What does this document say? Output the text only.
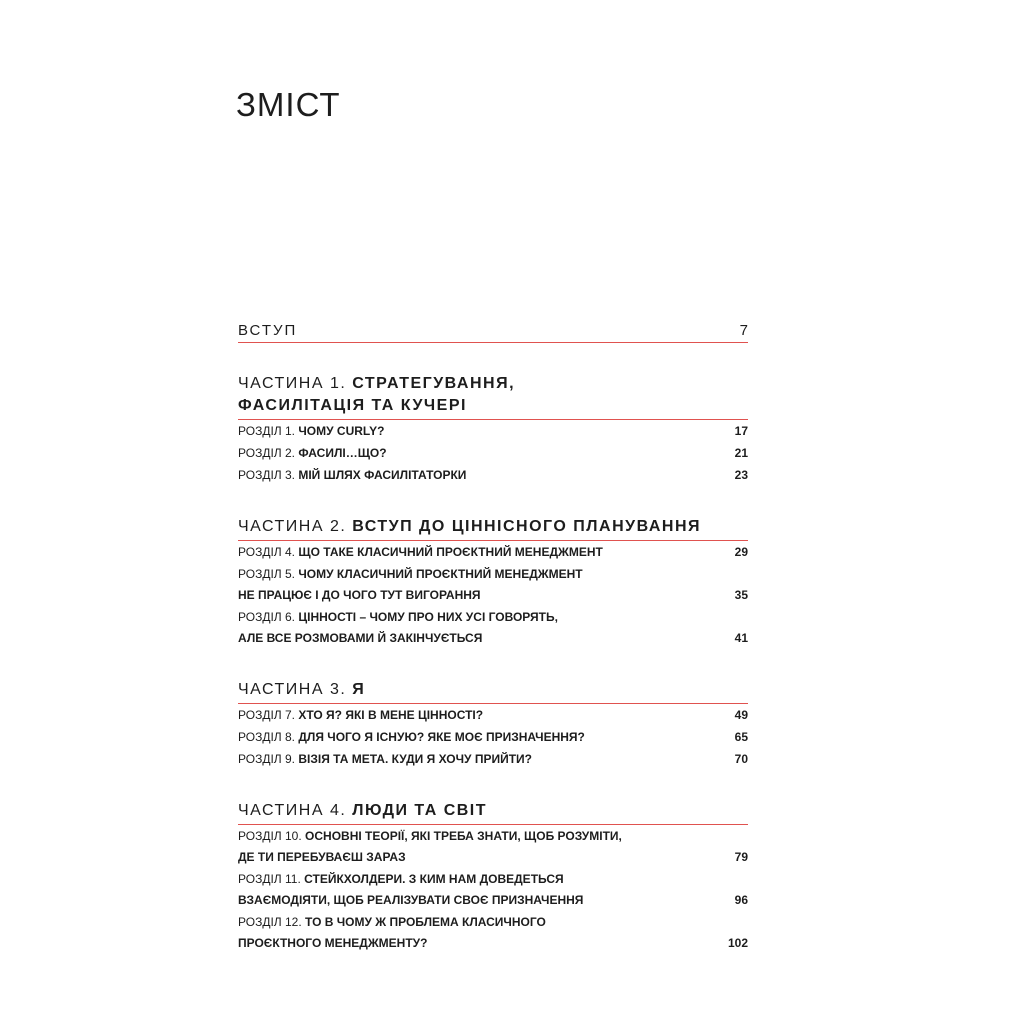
ЗМІСТ
ВСТУП	7
ЧАСТИНА 1. СТРАТЕГУВАННЯ,
ФАСИЛІТАЦІЯ ТА КУЧЕРІ
РОЗДІЛ 1. ЧОМУ CURLY?	17
РОЗДІЛ 2. ФАСИЛІ…ЩО?	21
РОЗДІЛ 3. МІЙ ШЛЯХ ФАСИЛІТАТОРКИ	23
ЧАСТИНА 2. ВСТУП ДО ЦІННІСНОГО ПЛАНУВАННЯ
РОЗДІЛ 4. ЩО ТАКЕ КЛАСИЧНИЙ ПРОЄКТНИЙ МЕНЕДЖМЕНТ	29
РОЗДІЛ 5. ЧОМУ КЛАСИЧНИЙ ПРОЄКТНИЙ МЕНЕДЖМЕНТ
НЕ ПРАЦЮЄ І ДО ЧОГО ТУТ ВИГОРАННЯ	35
РОЗДІЛ 6. ЦІННОСТІ – ЧОМУ ПРО НИХ УСІ ГОВОРЯТЬ,
АЛЕ ВСЕ РОЗМОВАМИ Й ЗАКІНЧУЄТЬСЯ	41
ЧАСТИНА 3. Я
РОЗДІЛ 7. ХТО Я? ЯКІ В МЕНЕ ЦІННОСТІ?	49
РОЗДІЛ 8. ДЛЯ ЧОГО Я ІСНУЮ? ЯКЕ МОЄ ПРИЗНАЧЕННЯ?	65
РОЗДІЛ 9. ВІЗІЯ ТА МЕТА. КУДИ Я ХОЧУ ПРИЙТИ?	70
ЧАСТИНА 4. ЛЮДИ ТА СВІТ
РОЗДІЛ 10. ОСНОВНІ ТЕОРІЇ, ЯКІ ТРЕБА ЗНАТИ, ЩОБ РОЗУМІТИ,
ДЕ ТИ ПЕРЕБУВАЄШ ЗАРАЗ	79
РОЗДІЛ 11. СТЕЙКХОЛДЕРИ. З КИМ НАМ ДОВЕДЕТЬСЯ
ВЗАЄМОДІЯТИ, ЩОБ РЕАЛІЗУВАТИ СВОЄ ПРИЗНАЧЕННЯ	96
РОЗДІЛ 12. ТО В ЧОМУ Ж ПРОБЛЕМА КЛАСИЧНОГО
ПРОЄКТНОГО МЕНЕДЖМЕНТУ?	102
